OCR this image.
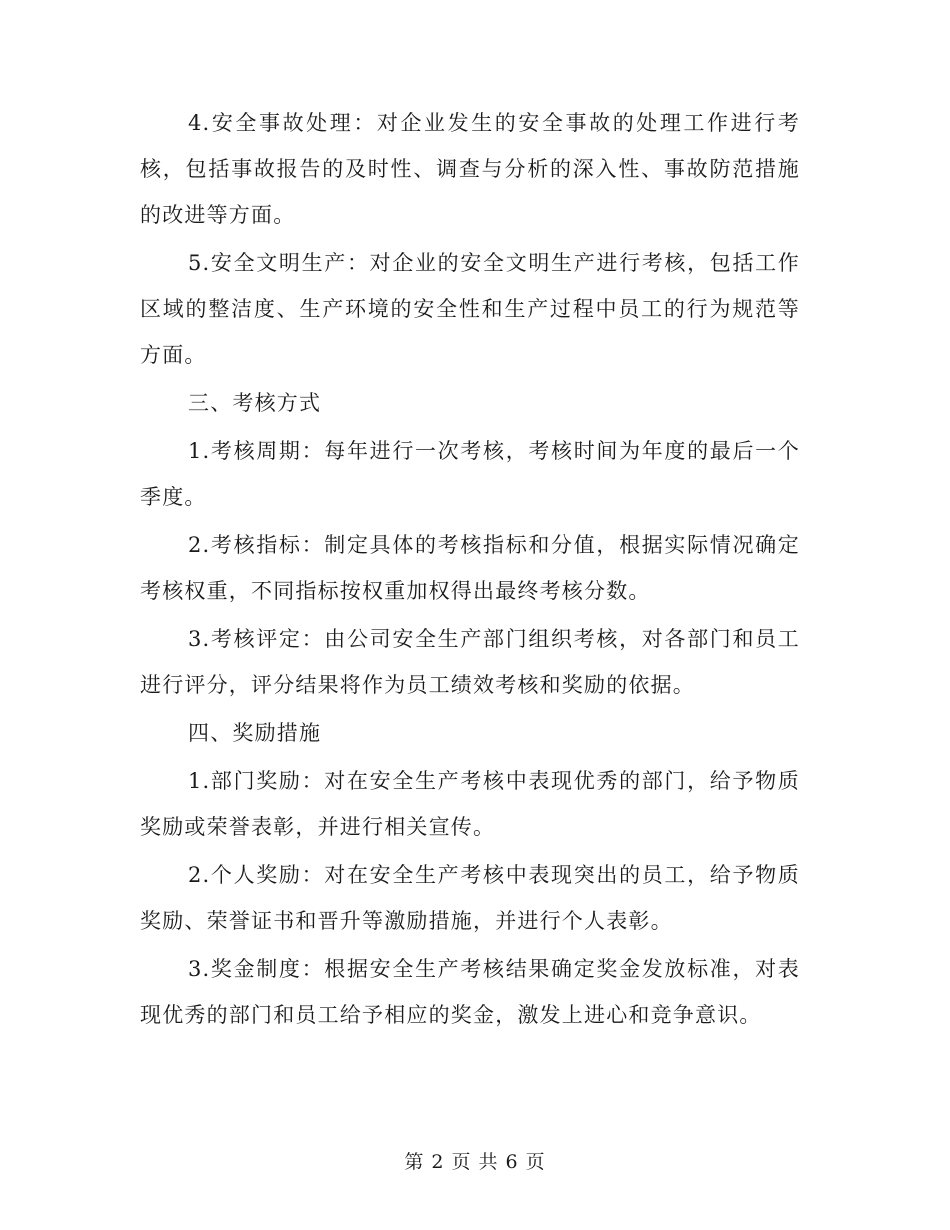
4.安全事故处理：对企业发生的安全事故的处理工作进行考核，包括事故报告的及时性、调查与分析的深入性、事故防范措施的改进等方面。

5.安全文明生产：对企业的安全文明生产进行考核，包括工作区域的整洁度、生产环境的安全性和生产过程中员工的行为规范等方面。

三、考核方式

1.考核周期：每年进行一次考核，考核时间为年度的最后一个季度。

2.考核指标：制定具体的考核指标和分值，根据实际情况确定考核权重，不同指标按权重加权得出最终考核分数。

3.考核评定：由公司安全生产部门组织考核，对各部门和员工进行评分，评分结果将作为员工绩效考核和奖励的依据。

四、奖励措施

1.部门奖励：对在安全生产考核中表现优秀的部门，给予物质奖励或荣誉表彰，并进行相关宣传。

2.个人奖励：对在安全生产考核中表现突出的员工，给予物质奖励、荣誉证书和晋升等激励措施，并进行个人表彰。

3.奖金制度：根据安全生产考核结果确定奖金发放标准，对表现优秀的部门和员工给予相应的奖金，激发上进心和竞争意识。

第 2 页 共 6 页
